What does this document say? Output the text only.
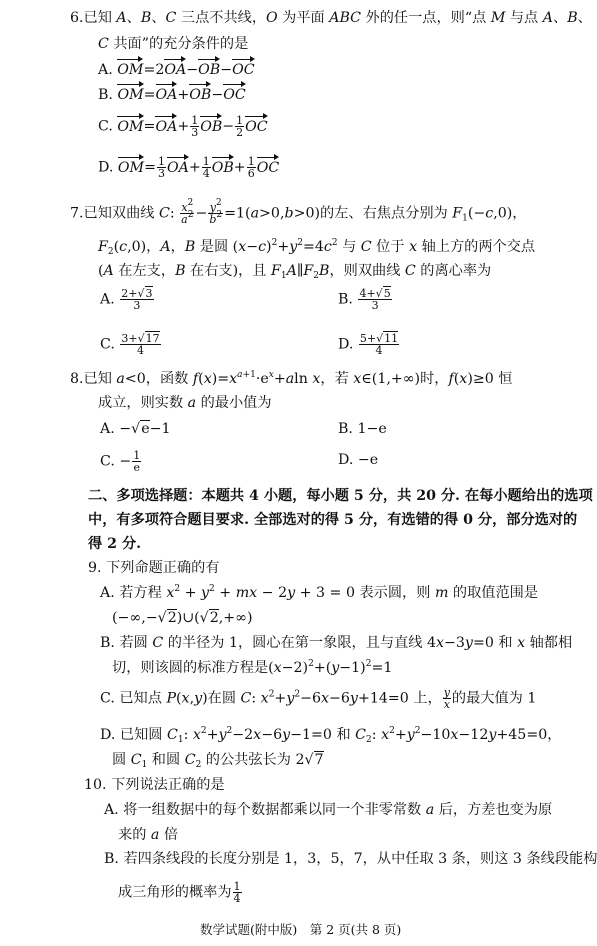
6.已知 A、B、C 三点不共线，O 为平面 ABC 外的任一点，则“点 M 与点 A、B、
C 共面”的充分条件的是
A. OM=2OA−OB−OC
B. OM=OA+OB−OC
C. $OM=OA+ \frac{1}{3} OB- \frac{1}{2}$ OC
D. $OM= \frac{1}{3} OA+ \frac{1}{4} OB+ \frac{1}{6}$ OC
7.已知双曲线 C: $\frac{x^2}{a^2} - \frac{y^2}{b^2} =1(a>0,b>0)$的左、右焦点分别为 $F_1(-c,0)$，
$F_2(c,0)$，A，B 是圆 $(x-c)^2+y^2=4c^2$ 与 C 位于 x 轴上方的两个交点
(A 在左支，B 在右支)，且 $F_1A\parallel F_2B$，则双曲线 C 的离心率为
A. $\frac{2+√3}{3}$	B. $\frac{4+√5}{3}$
C. $\frac{3+√17}{4}$	D. $\frac{5+√11}{4}$
8.已知 a<0，函数 $f(x)=x^{a+1}\cdot e^x+aln$ x，若 x∈(1,+∞)时，f(x)≥0 恒
成立，则实数 a 的最小值为
A. −√e−1	B. 1−e
C. − $\frac{1}{e}$	D. −e
二、多项选择题：本题共 4 小题，每小题 5 分，共 20 分. 在每小题给出的选项
中，有多项符合题目要求. 全部选对的得 5 分，有选错的得 0 分，部分选对的
得 2 分.
9. 下列命题正确的有
A. 若方程 $x^2 + y^2$ + mx − 2y + 3 = 0 表示圆，则 m 的取值范围是
(−∞,−√2)∪(√2,+∞)
B. 若圆 C 的半径为 1，圆心在第一象限，且与直线 4x−3y=0 和 x 轴都相
切，则该圆的标准方程是$(x-2)^2+(y-1)^2=1$
C. 已知点 P(x,y)在圆 C: $x^2+y^2-6x-6y+14=0$ 上， $\frac{y}{x}$ 的最大值为 1
D. 已知圆 $C_1$: $x^2+y^2-2x-6y-1=0$ 和 $C_2$: $x^2+y^2-10x-12y+45=0$，
圆 $C_1$ 和圆 $C_2$ 的公共弦长为 2√7
10. 下列说法正确的是
A. 将一组数据中的每个数据都乘以同一个非零常数 a 后，方差也变为原
来的 a 倍
B. 若四条线段的长度分别是 1，3，5，7，从中任取 3 条，则这 3 条线段能构
成三角形的概率为 $\frac{1}{4}$
数学试题(附中版)　第 2 页(共 8 页)
